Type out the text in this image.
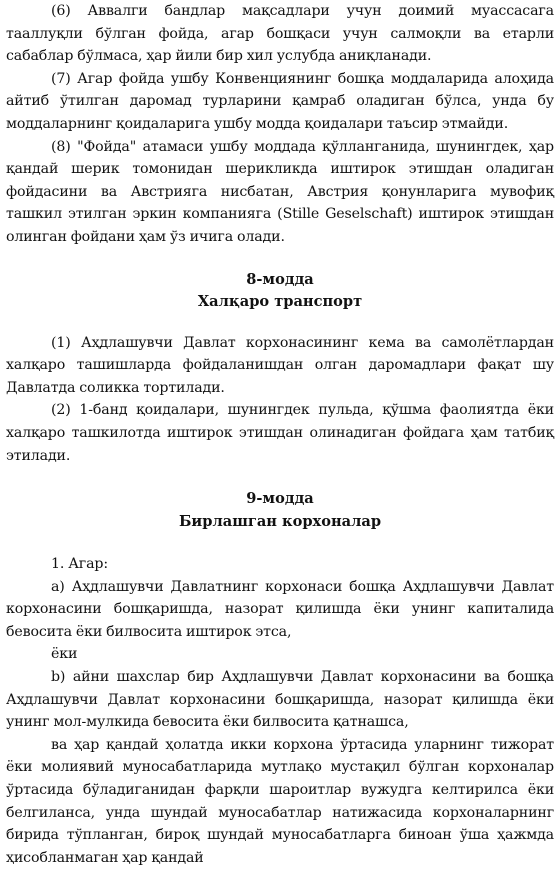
(6) Аввалги бандлар мақсадлари учун доимий муассасага тааллуқли бўлган фойда, агар бошқаси учун салмоқли ва етарли сабаблар бўлмаса, ҳар йили бир хил услубда аниқланади.

(7) Агар фойда ушбу Конвенциянинг бошқа моддаларида алоҳида айтиб ўтилган даромад турларини қамраб оладиган бўлса, унда бу моддаларнинг қоидаларига ушбу модда қоидалари таъсир этмайди.

(8) "Фойда" атамаси ушбу моддада қўлланганида, шунингдек, ҳар қандай шерик томонидан шерикликда иштирок этишдан оладиган фойдасини ва Австрияга нисбатан, Австрия қонунларига мувофиқ ташкил этилган эркин компанияга (Stille Geselschaft) иштирок этишдан олинган фойдани ҳам ўз ичига олади.

8-модда
Халқаро транспорт

(1) Аҳдлашувчи Давлат корхонасининг кема ва самолётлардан халқаро ташишларда фойдаланишдан олган даромадлари фақат шу Давлатда соликка тортилади.

(2) 1-банд қоидалари, шунингдек пульда, қўшма фаолиятда ёки халқаро ташкилотда иштирок этишдан олинадиган фойдага ҳам татбиқ этилади.

9-модда
Бирлашган корхоналар

1. Агар:

a) Аҳдлашувчи Давлатнинг корхонаси бошқа Аҳдлашувчи Давлат корхонасини бошқаришда, назорат қилишда ёки унинг капиталида бевосита ёки билвосита иштирок этса,

ёки

b) айни шахслар бир Аҳдлашувчи Давлат корхонасини ва бошқа Аҳдлашувчи Давлат корхонасини бошқаришда, назорат қилишда ёки унинг мол-мулкида бевосита ёки билвосита қатнашса,

ва ҳар қандай ҳолатда икки корхона ўртасида уларнинг тижорат ёки молиявий муносабатларида мутлақо мустақил бўлган корхоналар ўртасида бўладиганидан фарқли шароитлар вужудга келтирилса ёки белгиланса, унда шундай муносабатлар натижасида корхоналарнинг бирида тўпланган, бироқ шундай муносабатларга биноан ўша ҳажмда ҳисобланмаган ҳар қандай
